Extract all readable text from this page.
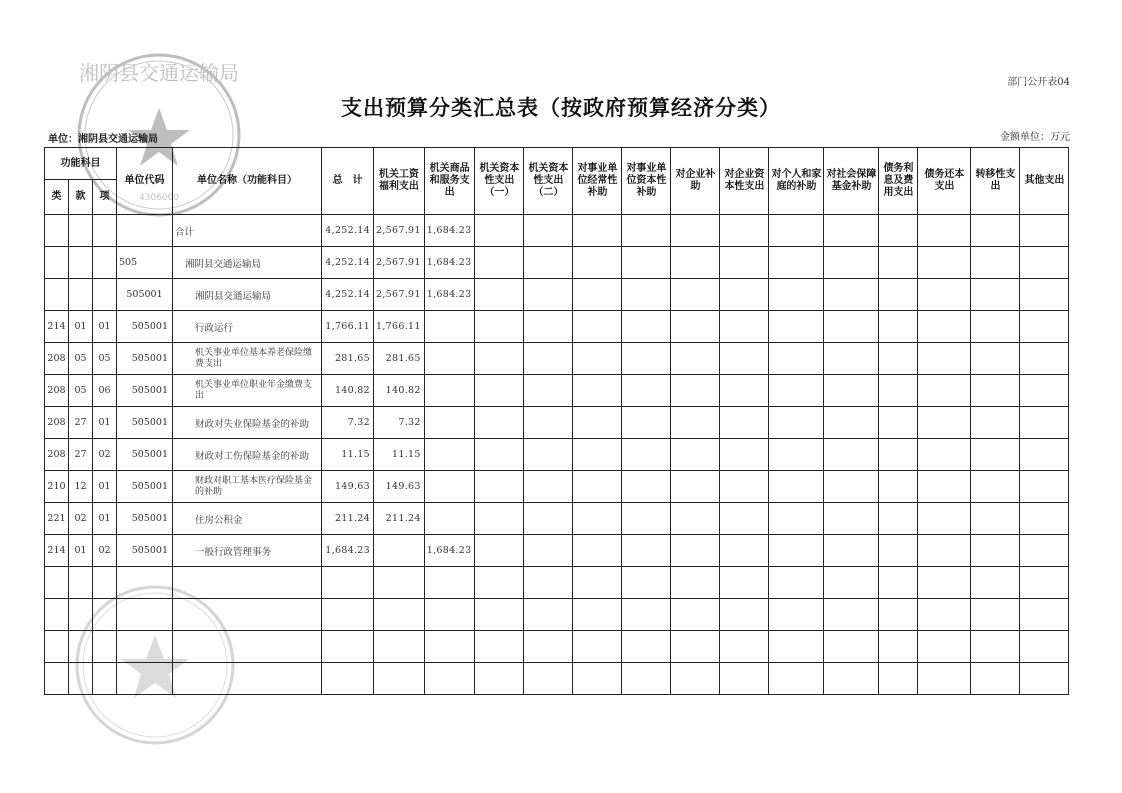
湘阴县交通运输局
4306000
部门公开表04
支出预算分类汇总表（按政府预算经济分类）
单位：湘阴县交通运输局	金额单位：万元
功能科目			单位代码	单位名称（功能科目）	总　计	机关工资福利支出	机关商品和服务支出	机关资本性支出（一）	机关资本性支出（二）	对事业单位经常性补助	对事业单位资本性补助	对企业补助	对企业资本性支出	对个人和家庭的补助	对社会保障基金补助	债务利息及费用支出	债务还本支出	转移性支出	其他支出
类	款	项																	
				合计	4,252.14	2,567.91	1,684.23												
			505	湘阴县交通运输局	4,252.14	2,567.91	1,684.23												
			505001	湘阴县交通运输局	4,252.14	2,567.91	1,684.23												
214	01	01	505001	行政运行	1,766.11	1,766.11													
208	05	05	505001	机关事业单位基本养老保险缴费支出	281.65	281.65													
208	05	06	505001	机关事业单位职业年金缴费支出	140.82	140.82													
208	27	01	505001	财政对失业保险基金的补助	7.32	7.32													
208	27	02	505001	财政对工伤保险基金的补助	11.15	11.15													
210	12	01	505001	财政对职工基本医疗保险基金的补助	149.63	149.63													
221	02	01	505001	住房公积金	211.24	211.24													
214	01	02	505001	一般行政管理事务	1,684.23		1,684.23												
